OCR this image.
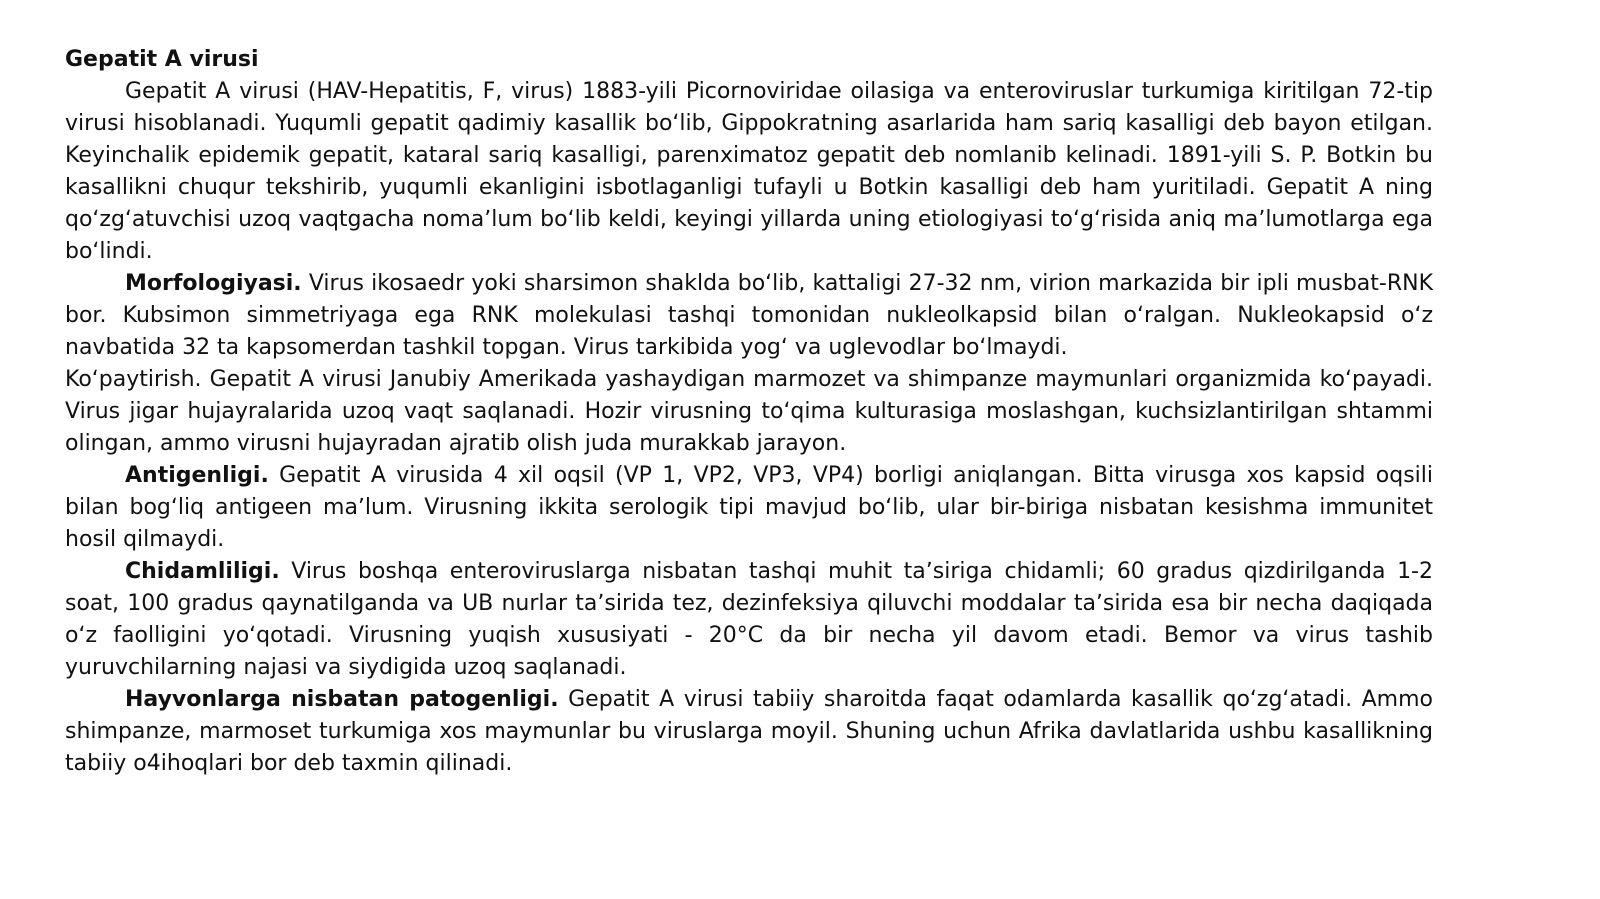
Gepatit A virusi

Gepatit A virusi (HAV-Hepatitis, F, virus) 1883-yili Picornoviridae oilasiga va enteroviruslar turkumiga kiritilgan 72-tip virusi hisoblanadi. Yuqumli gepatit qadimiy kasallik boʻlib, Gippokratning asarlarida ham sariq kasalligi deb bayon etilgan. Keyinchalik epidemik gepatit, kataral sariq kasalligi, parenximatoz gepatit deb nomlanib kelinadi. 1891-yili S. P. Botkin bu kasallikni chuqur tekshirib, yuqumli ekanligini isbotlaganligi tufayli u Botkin kasalligi deb ham yuritiladi. Gepatit A ning qoʻzgʻatuvchisi uzoq vaqtgacha nomaʼlum boʻlib keldi, keyingi yillarda uning etiologiyasi toʻgʻrisida aniq maʼlumotlarga ega boʻlindi.

Morfologiyasi. Virus ikosaedr yoki sharsimon shaklda boʻlib, kattaligi 27-32 nm, virion markazida bir ipli musbat-RNK bor. Kubsimon simmetriyaga ega RNK molekulasi tashqi tomonidan nukleolkapsid bilan oʻralgan. Nukleokapsid oʻz navbatida 32 ta kapsomerdan tashkil topgan. Virus tarkibida yogʻ va uglevodlar boʻlmaydi.

Koʻpaytirish. Gepatit A virusi Janubiy Amerikada yashaydigan marmozet va shimpanze maymunlari organizmida koʻpayadi. Virus jigar hujayralarida uzoq vaqt saqlanadi. Hozir virusning toʻqima kulturasiga moslashgan, kuchsizlantirilgan shtammi olingan, ammo virusni hujayradan ajratib olish juda murakkab jarayon.

Antigenligi. Gepatit A virusida 4 xil oqsil (VP 1, VP2, VP3, VP4) borligi aniqlangan. Bitta virusga xos kapsid oqsili bilan bogʻliq antigeen maʼlum. Virusning ikkita serologik tipi mavjud boʻlib, ular bir-biriga nisbatan kesishma immunitet hosil qilmaydi.

Chidamliligi. Virus boshqa enteroviruslarga nisbatan tashqi muhit taʼsiriga chidamli; 60 gradus qizdirilganda 1-2 soat, 100 gradus qaynatilganda va UB nurlar taʼsirida tez, dezinfeksiya qiluvchi moddalar taʼsirida esa bir necha daqiqada oʻz faolligini yoʻqotadi. Virusning yuqish xususiyati - 20°C da bir necha yil davom etadi. Bemor va virus tashib yuruvchilarning najasi va siydigida uzoq saqlanadi.

Hayvonlarga nisbatan patogenligi. Gepatit A virusi tabiiy sharoitda faqat odamlarda kasallik qoʻzgʻatadi. Ammo shimpanze, marmoset turkumiga xos maymunlar bu viruslarga moyil. Shuning uchun Afrika davlatlarida ushbu kasallikning tabiiy o4ihoqlari bor deb taxmin qilinadi.
